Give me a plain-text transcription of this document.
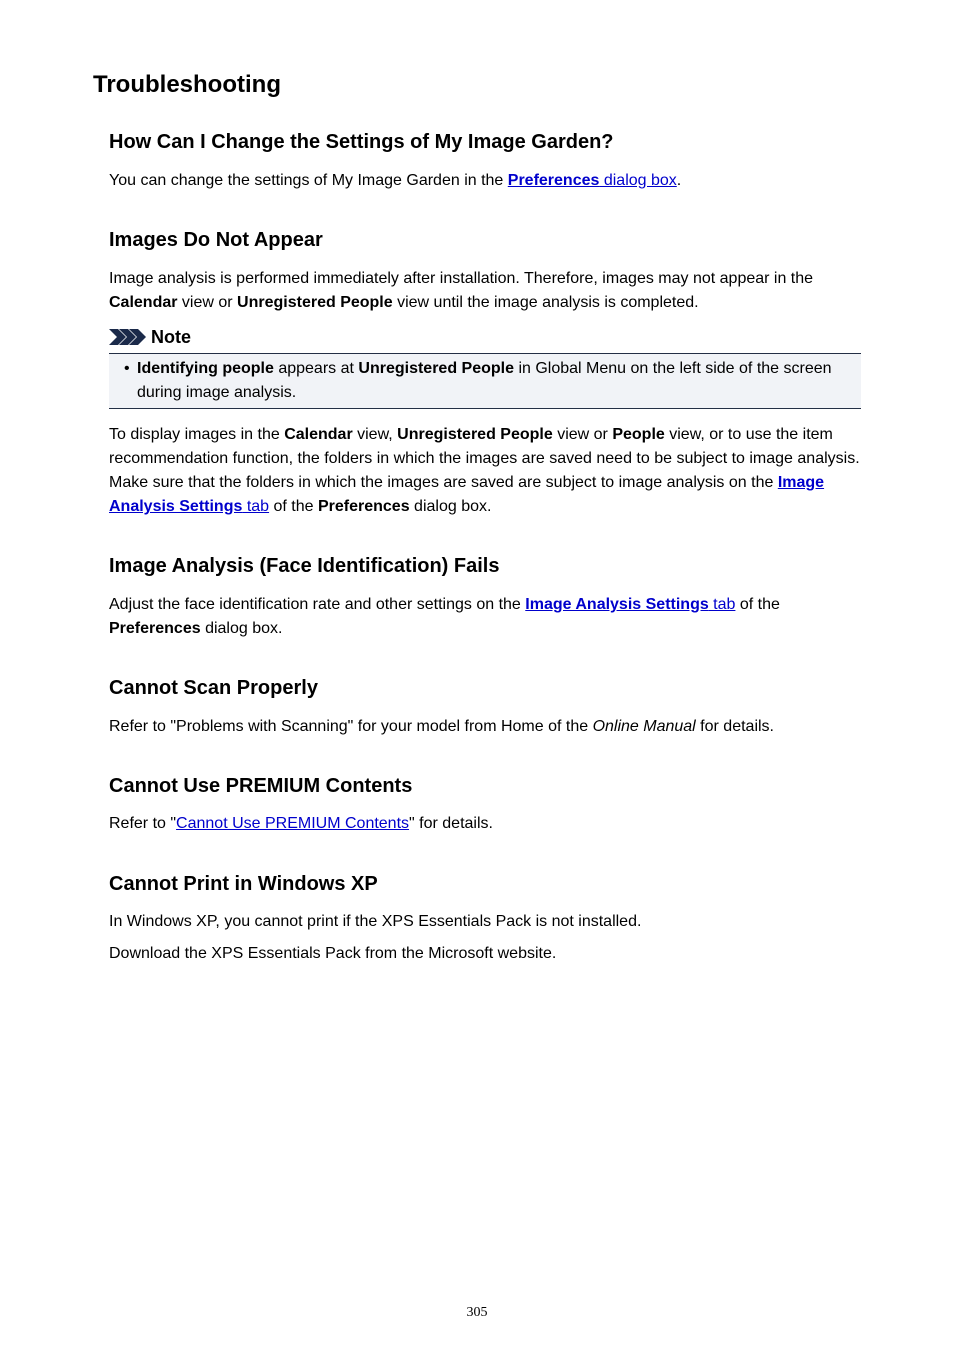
Troubleshooting
How Can I Change the Settings of My Image Garden?

You can change the settings of My Image Garden in the Preferences dialog box.

Images Do Not Appear

Image analysis is performed immediately after installation. Therefore, images may not appear in the Calendar view or Unregistered People view until the image analysis is completed.

Note
• Identifying people appears at Unregistered People in Global Menu on the left side of the screen during image analysis.

To display images in the Calendar view, Unregistered People view or People view, or to use the item recommendation function, the folders in which the images are saved need to be subject to image analysis. Make sure that the folders in which the images are saved are subject to image analysis on the Image Analysis Settings tab of the Preferences dialog box.

Image Analysis (Face Identification) Fails

Adjust the face identification rate and other settings on the Image Analysis Settings tab of the
Preferences dialog box.

Cannot Scan Properly

Refer to "Problems with Scanning" for your model from Home of the Online Manual for details.

Cannot Use PREMIUM Contents

Refer to "Cannot Use PREMIUM Contents" for details.

Cannot Print in Windows XP

In Windows XP, you cannot print if the XPS Essentials Pack is not installed.

Download the XPS Essentials Pack from the Microsoft website.

305
